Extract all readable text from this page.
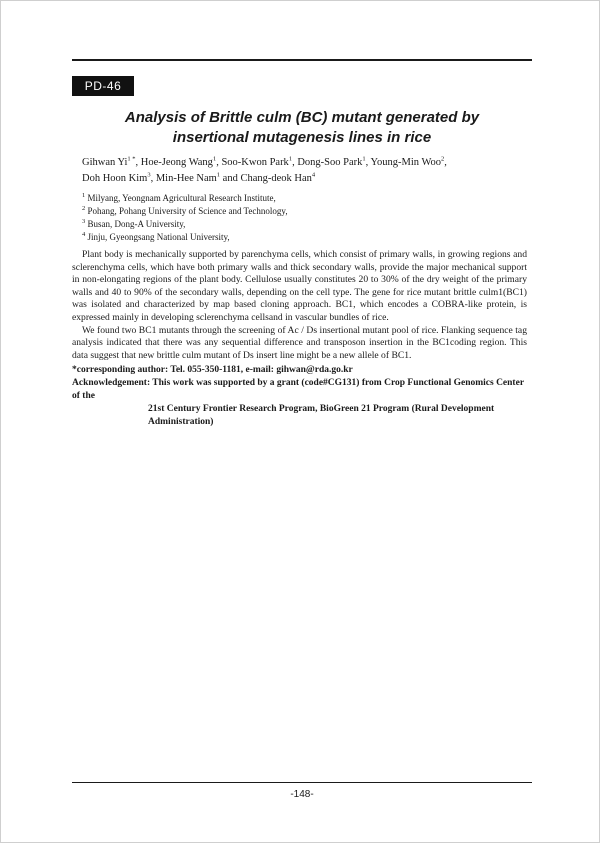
PD-46
Analysis of Brittle culm (BC) mutant generated by
insertional mutagenesis lines in rice
Gihwan $Yi^{1 *}$, Hoe-Jeong Wang$^1$, Soo-Kwon Park$^1$, Dong-Soo Park$^1$, Young-Min Woo$^2$,
Doh Hoon Kim$^3$, Min-Hee Nam$^1$ and Chang-deok Han$^4$
$^1$ Milyang, Yeongnam Agricultural Research Institute,
$^2$ Pohang, Pohang University of Science and Technology,
$^3$ Busan, Dong-A University,
$^4$ Jinju, Gyeongsang National University,

Plant body is mechanically supported by parenchyma cells, which consist of primary walls, in growing regions and sclerenchyma cells, which have both primary walls and thick secondary walls, provide the major mechanical support in non-elongating regions of the plant body. Cellulose usually constitutes 20 to 30% of the dry weight of the primary walls and 40 to 90% of the secondary walls, depending on the cell type. The gene for rice mutant brittle culm1(BC1) was isolated and characterized by map based cloning approach. BC1, which encodes a COBRA-like protein, is expressed mainly in developing sclerenchyma cellsand in vascular bundles of rice.

We found two BC1 mutants through the screening of Ac / Ds insertional mutant pool of rice. Flanking sequence tag analysis indicated that there was any sequential difference and transposon insertion in the BC1coding region. This data suggest that new brittle culm mutant of Ds insert line might be a new allele of BC1.

*corresponding author: Tel. 055-350-1181, e-mail: gihwan@rda.go.kr
Acknowledgement: This work was supported by a grant (code#CG131) from Crop Functional Genomics Center of the
21st Century Frontier Research Program, BioGreen 21 Program (Rural Development Administration)
-148-
